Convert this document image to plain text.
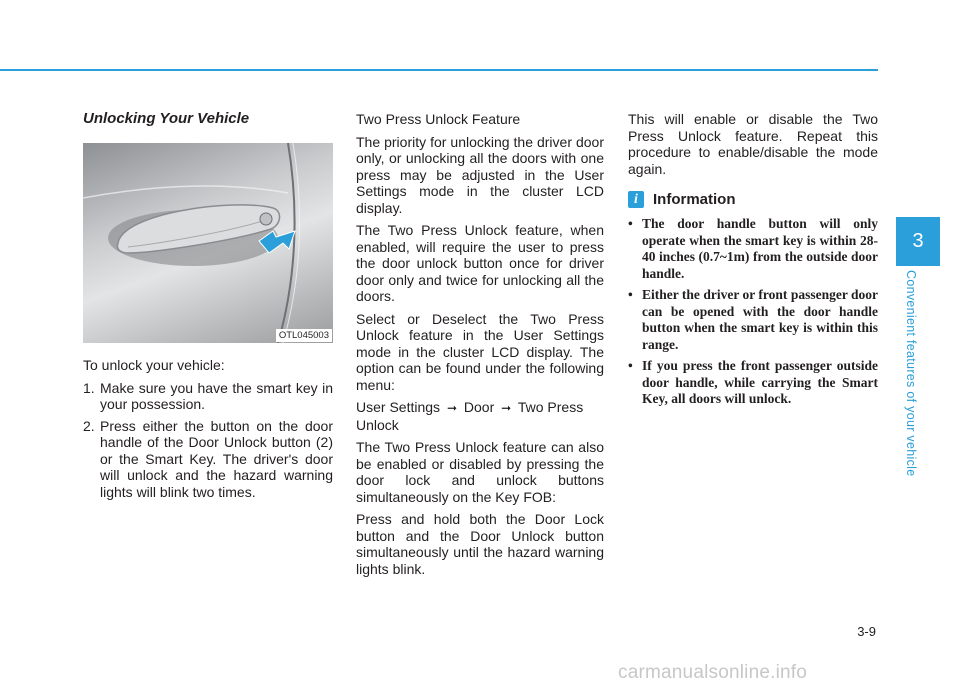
3
Convenient features of your vehicle
Unlocking Your Vehicle
OTL045003

To unlock your vehicle:

1. Make sure you have the smart key in your possession.
2. Press either the button on the door handle of the Door Unlock button (2) or the Smart Key. The driver's door will unlock and the hazard warning lights will blink two times.

Two Press Unlock Feature

The priority for unlocking the driver door only, or unlocking all the doors with one press may be adjusted in the User Settings mode in the cluster LCD display.

The Two Press Unlock feature, when enabled, will require the user to press the door unlock button once for driver door only and twice for unlocking all the doors.

Select or Deselect the Two Press Unlock feature in the User Settings mode in the cluster LCD display. The option can be found under the following menu:

User Settings ➞ Door ➞ Two Press Unlock

The Two Press Unlock feature can also be enabled or disabled by pressing the door lock and unlock buttons simultaneously on the Key FOB:

Press and hold both the Door Lock button and the Door Unlock button simultaneously until the hazard warning lights blink.

This will enable or disable the Two Press Unlock feature. Repeat this procedure to enable/disable the mode again.

i	Information
• The door handle button will only operate when the smart key is within 28-40 inches (0.7~1m) from the outside door handle.
• Either the driver or front passenger door can be opened with the door handle button when the smart key is within this range.
• If you press the front passenger outside door handle, while carrying the Smart Key, all doors will unlock.
3-9
carmanualsonline.info
